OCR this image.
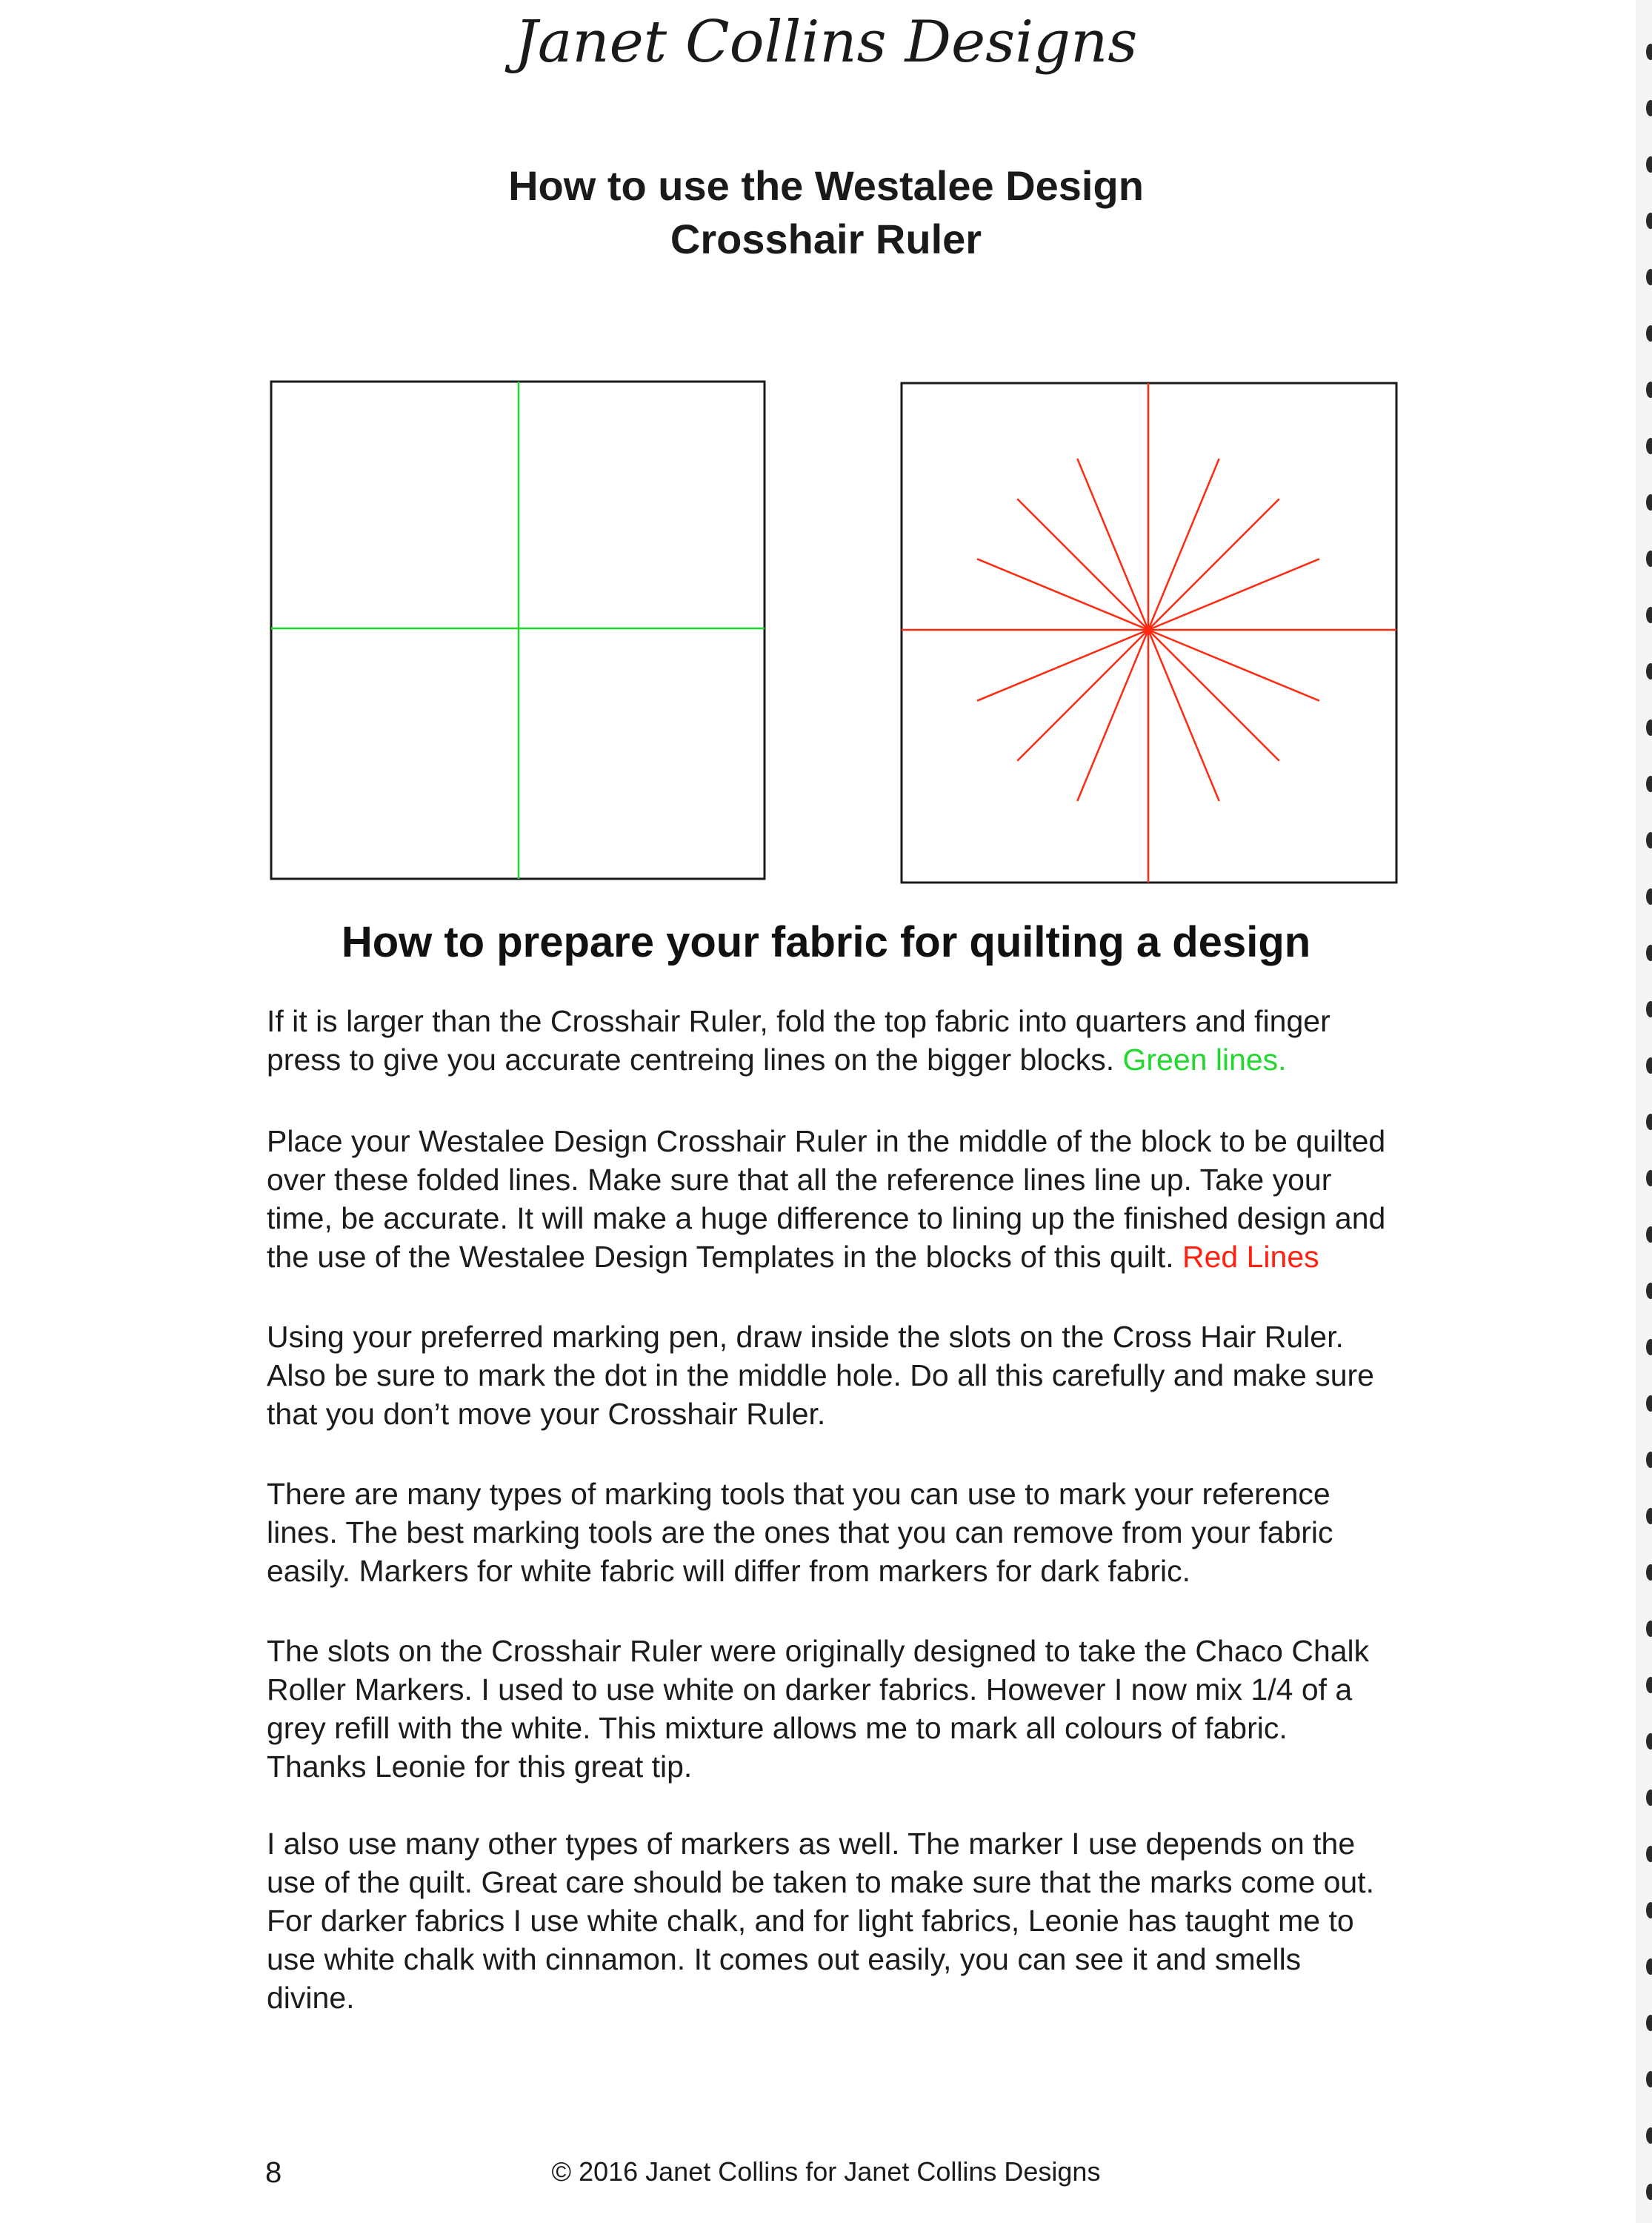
Janet Collins Designs
How to use the Westalee Design
Crosshair Ruler
How to prepare your fabric for quilting a design
If it is larger than the Crosshair Ruler, fold the top fabric into quarters and finger
press to give you accurate centreing lines on the bigger blocks. Green lines.
Place your Westalee Design Crosshair Ruler in the middle of the block to be quilted
over these folded lines. Make sure that all the reference lines line up. Take your
time, be accurate. It will make a huge difference to lining up the finished design and
the use of the Westalee Design Templates in the blocks of this quilt. Red Lines
Using your preferred marking pen, draw inside the slots on the Cross Hair Ruler.
Also be sure to mark the dot in the middle hole. Do all this carefully and make sure
that you don’t move your Crosshair Ruler.
There are many types of marking tools that you can use to mark your reference
lines. The best marking tools are the ones that you can remove from your fabric
easily. Markers for white fabric will differ from markers for dark fabric.
The slots on the Crosshair Ruler were originally designed to take the Chaco Chalk
Roller Markers. I used to use white on darker fabrics. However I now mix 1/4 of a
grey refill with the white. This mixture allows me to mark all colours of fabric.
Thanks Leonie for this great tip.
I also use many other types of markers as well. The marker I use depends on the
use of the quilt. Great care should be taken to make sure that the marks come out.
For darker fabrics I use white chalk, and for light fabrics, Leonie has taught me to
use white chalk with cinnamon. It comes out easily, you can see it and smells
divine.
8	© 2016 Janet Collins for Janet Collins Designs
